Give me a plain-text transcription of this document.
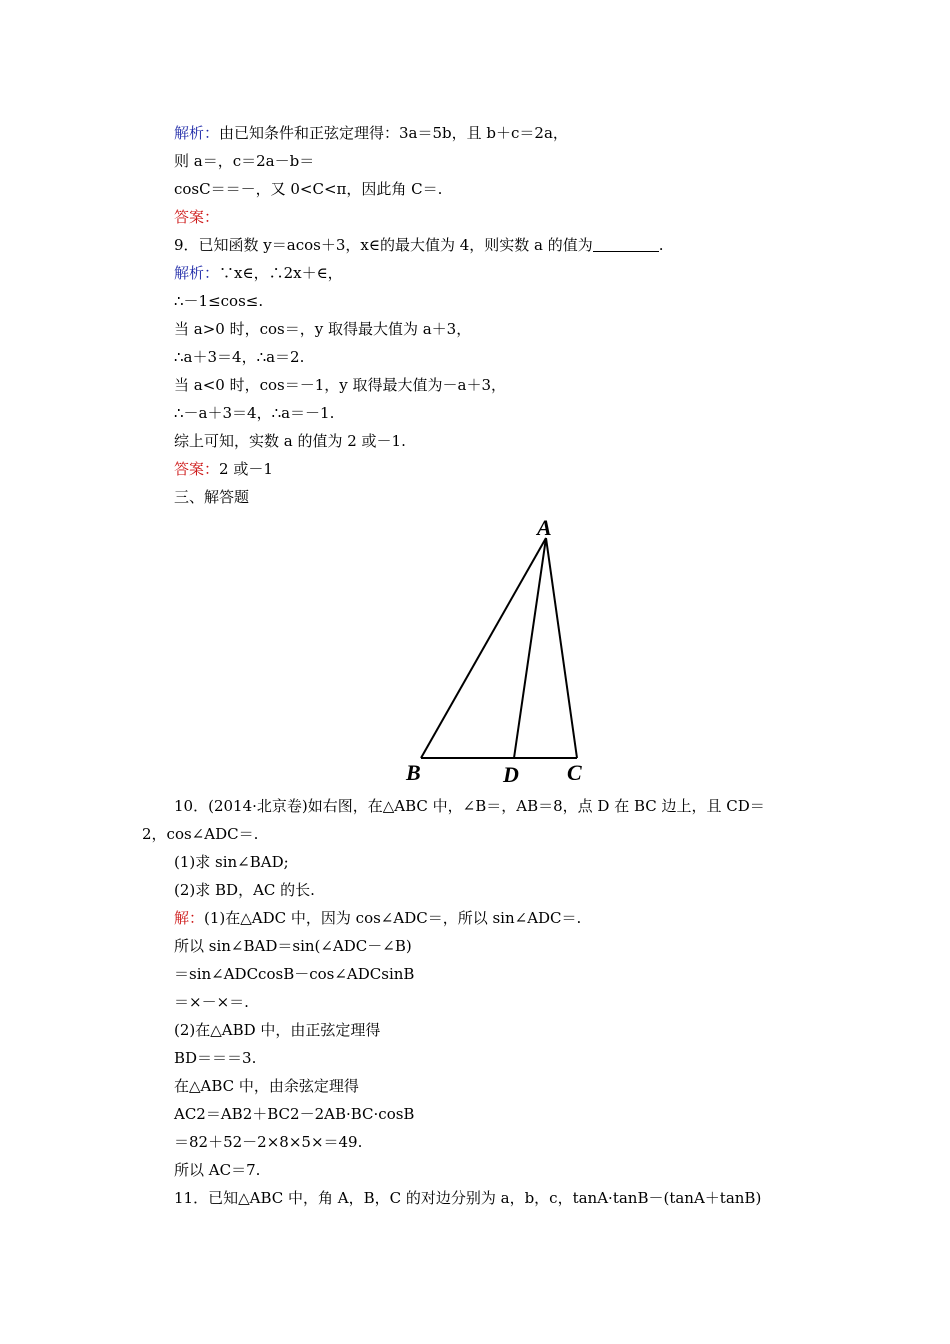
解析：由已知条件和正弦定理得：3a＝5b，且 b＋c＝2a，
则 a＝，c＝2a－b＝
cosC＝＝－，又 0<C<π，因此角 C＝.
答案：
9．已知函数 y＝acos＋3，x∈的最大值为 4，则实数 a 的值为	.
解析：∵x∈，∴2x＋∈，
∴－1≤cos≤.
当 a>0 时，cos＝，y 取得最大值为 a＋3，
∴a＋3＝4，∴a＝2.
当 a<0 时，cos＝－1，y 取得最大值为－a＋3，
∴－a＋3＝4，∴a＝－1.
综上可知，实数 a 的值为 2 或－1.
答案：2 或－1
三、解答题
A
B	D C
10．(2014·北京卷)如右图，在△ABC 中，∠B＝，AB＝8，点 D 在 BC 边上，且 CD＝
2，cos∠ADC＝.
(1)求 sin∠BAD;
(2)求 BD，AC 的长.
解：(1)在△ADC 中，因为 cos∠ADC＝，所以 sin∠ADC＝.
所以 sin∠BAD＝sin(∠ADC－∠B)
＝sin∠ADCcosB－cos∠ADCsinB
＝×－×＝.
(2)在△ABD 中，由正弦定理得
BD＝＝＝3.
在△ABC 中，由余弦定理得
AC2＝AB2＋BC2－2AB·BC·cosB
＝82＋52－2×8×5×＝49.
所以 AC＝7.
11．已知△ABC 中，角 A，B，C 的对边分别为 a，b，c，tanA·tanB－(tanA＋tanB)
